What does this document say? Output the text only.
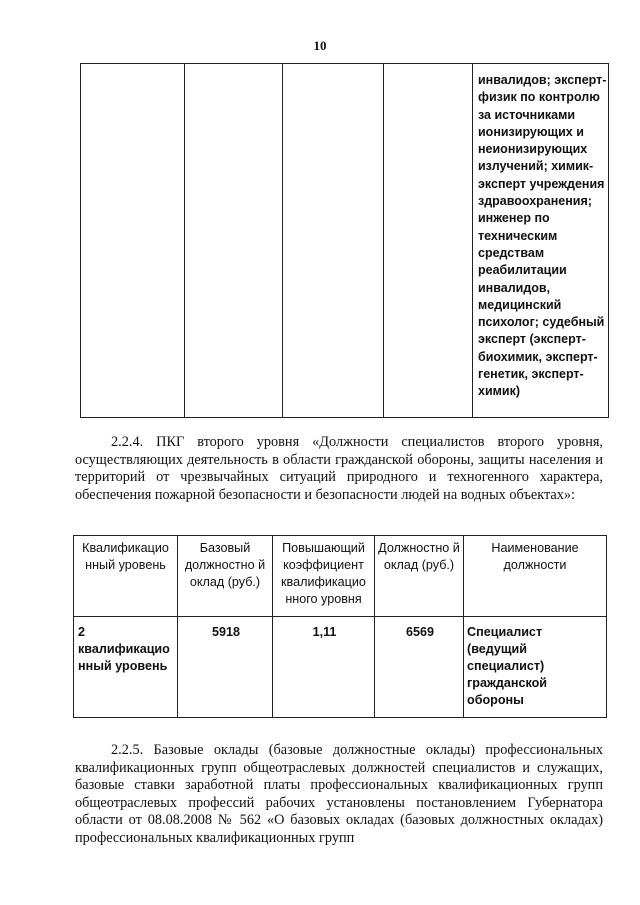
10
				инвалидов; эксперт-
физик по контролю
за источниками
ионизирующих и
неионизирующих
излучений; химик-
эксперт учреждения
здравоохранения;
инженер по
техническим
средствам
реабилитации
инвалидов,
медицинский
психолог; судебный
эксперт (эксперт-
биохимик, эксперт-
генетик, эксперт-
химик)

2.2.4. ПКГ второго уровня «Должности специалистов второго уровня, осуществляющих деятельность в области гражданской обороны, защиты населения и территорий от чрезвычайных ситуаций природного и техногенного характера, обеспечения пожарной безопасности и безопасности людей на водных объектах»:

Квалификацио нный уровень	Базовый должностно й оклад (руб.)	Повышающий коэффициент квалификацио нного уровня	Должностно й оклад (руб.)	Наименование должности
2 квалификацио нный уровень	5918	1,11	6569	Специалист (ведущий специалист) гражданской обороны

2.2.5. Базовые оклады (базовые должностные оклады) профессиональных квалификационных групп общеотраслевых должностей специалистов и служащих, базовые ставки заработной платы профессиональных квалификационных групп общеотраслевых профессий рабочих установлены постановлением Губернатора области от 08.08.2008 № 562 «О базовых окладах (базовых должностных окладах) профессиональных квалификационных групп
